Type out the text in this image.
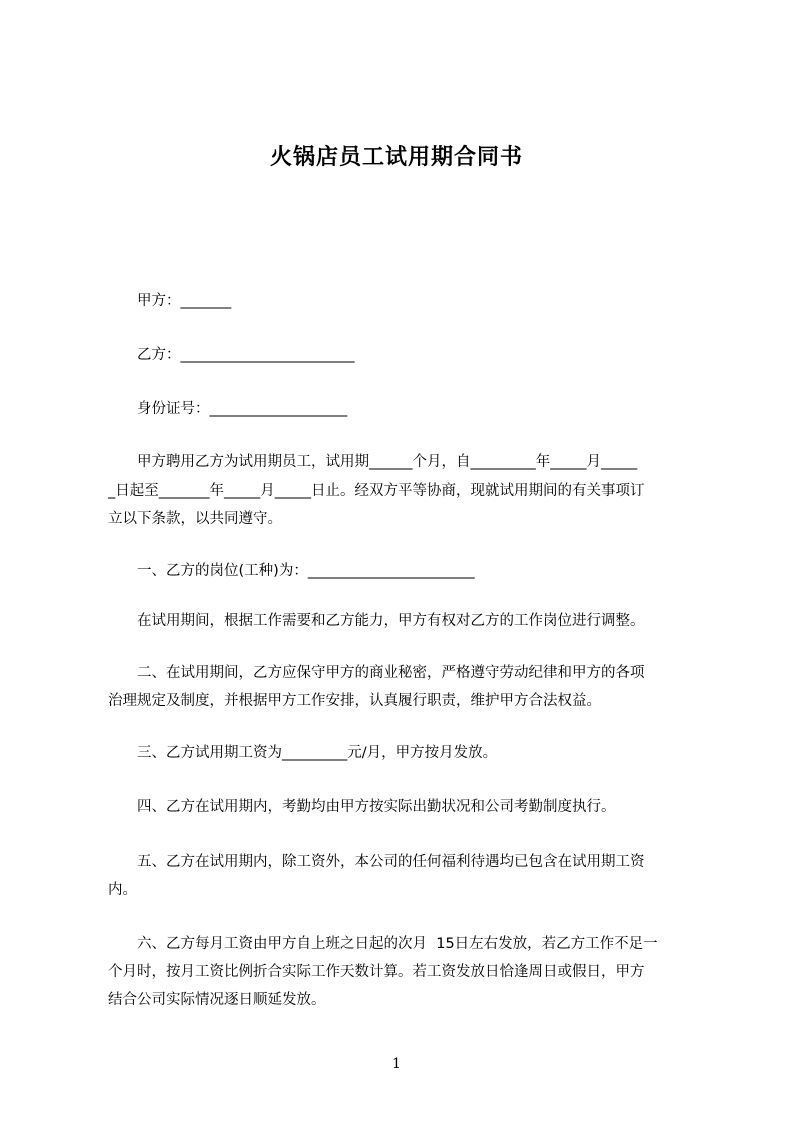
火锅店员工试用期合同书
甲方：_______
乙方：________________________
身份证号：___________________
甲方聘用乙方为试用期员工，试用期______个月，自_________年_____月_____
_日起至_______年_____月_____日止。经双方平等协商，现就试用期间的有关事项订
立以下条款，以共同遵守。
一、乙方的岗位(工种)为：_______________________
在试用期间，根据工作需要和乙方能力，甲方有权对乙方的工作岗位进行调整。
二、在试用期间，乙方应保守甲方的商业秘密，严格遵守劳动纪律和甲方的各项
治理规定及制度，并根据甲方工作安排，认真履行职责，维护甲方合法权益。
三、乙方试用期工资为_________元/月，甲方按月发放。
四、乙方在试用期内，考勤均由甲方按实际出勤状况和公司考勤制度执行。
五、乙方在试用期内，除工资外，本公司的任何福利待遇均已包含在试用期工资
内。
六、乙方每月工资由甲方自上班之日起的次月  15日左右发放，若乙方工作不足一
个月时，按月工资比例折合实际工作天数计算。若工资发放日恰逢周日或假日，甲方
结合公司实际情况逐日顺延发放。
1
